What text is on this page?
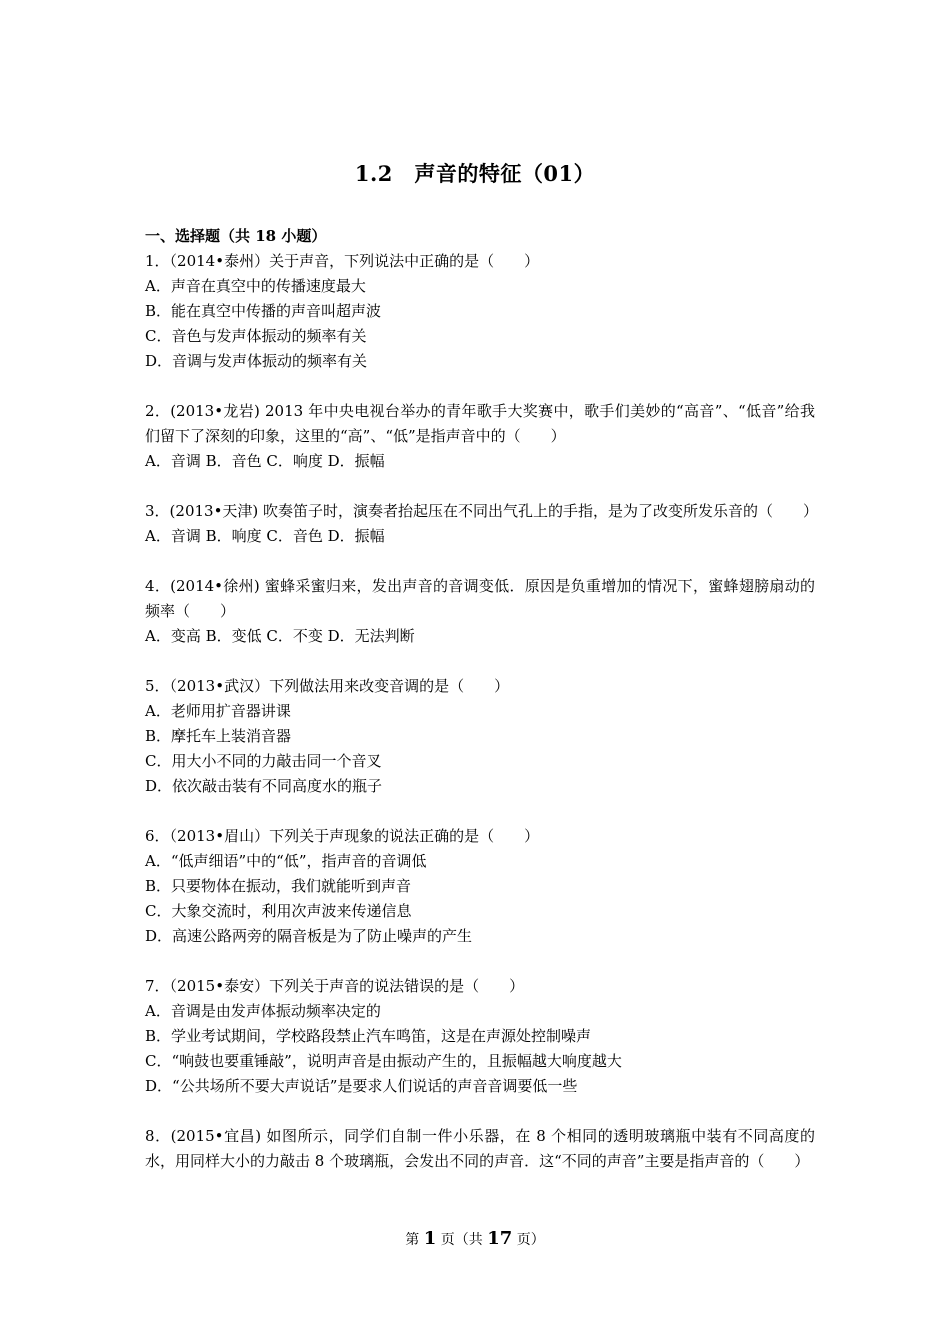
1.2　声音的特征（01）
一、选择题（共 18 小题）
1．（2014•泰州）关于声音，下列说法中正确的是（　　）
A．声音在真空中的传播速度最大
B．能在真空中传播的声音叫超声波
C．音色与发声体振动的频率有关
D．音调与发声体振动的频率有关
2．(2013•龙岩) 2013 年中央电视台举办的青年歌手大奖赛中，歌手们美妙的“高音”、“低音”给我们留下了深刻的印象，这里的“高”、“低”是指声音中的（　　）
A．音调 B．音色 C．响度 D．振幅
3．(2013•天津) 吹奏笛子时，演奏者抬起压在不同出气孔上的手指，是为了改变所发乐音的（　　）
A．音调 B．响度 C．音色 D．振幅
4．(2014•徐州) 蜜蜂采蜜归来，发出声音的音调变低．原因是负重增加的情况下，蜜蜂翅膀扇动的频率（　　）
A．变高 B．变低 C．不变 D．无法判断
5．（2013•武汉）下列做法用来改变音调的是（　　）
A．老师用扩音器讲课
B．摩托车上装消音器
C．用大小不同的力敲击同一个音叉
D．依次敲击装有不同高度水的瓶子
6．（2013•眉山）下列关于声现象的说法正确的是（　　）
A．“低声细语”中的“低”，指声音的音调低
B．只要物体在振动，我们就能听到声音
C．大象交流时，利用次声波来传递信息
D．高速公路两旁的隔音板是为了防止噪声的产生
7．（2015•泰安）下列关于声音的说法错误的是（　　）
A．音调是由发声体振动频率决定的
B．学业考试期间，学校路段禁止汽车鸣笛，这是在声源处控制噪声
C．“响鼓也要重锤敲”，说明声音是由振动产生的，且振幅越大响度越大
D．“公共场所不要大声说话”是要求人们说话的声音音调要低一些
8．(2015•宜昌) 如图所示，同学们自制一件小乐器，在 8 个相同的透明玻璃瓶中装有不同高度的水，用同样大小的力敲击 8 个玻璃瓶，会发出不同的声音．这“不同的声音”主要是指声音的（　　）
第 1 页（共 17 页）
